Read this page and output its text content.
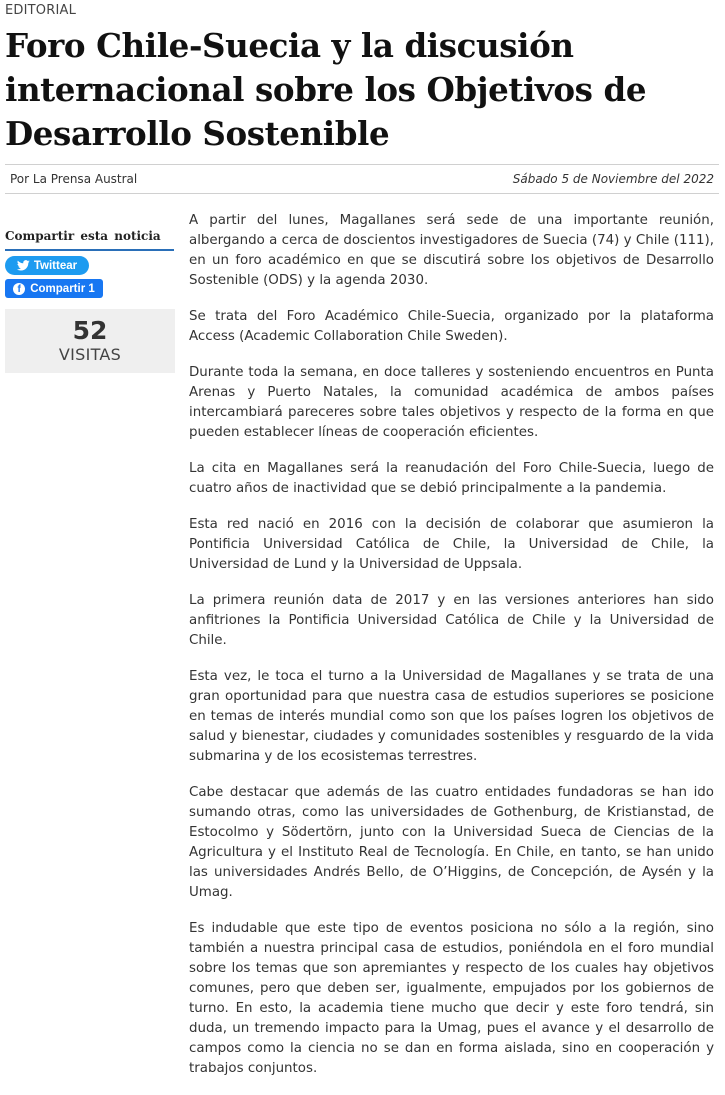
EDITORIAL
Foro Chile-Suecia y la discusión internacional sobre los Objetivos de Desarrollo Sostenible
Por La Prensa Austral	Sábado 5 de Noviembre del 2022
Compartir esta noticia
Twittear
f Compartir 1
52
VISITAS

A partir del lunes, Magallanes será sede de una importante reunión, albergando a cerca de doscientos investigadores de Suecia (74) y Chile (111), en un foro académico en que se discutirá sobre los objetivos de Desarrollo Sostenible (ODS) y la agenda 2030.

Se trata del Foro Académico Chile-Suecia, organizado por la plataforma Access (Academic Collaboration Chile Sweden).

Durante toda la semana, en doce talleres y sosteniendo encuentros en Punta Arenas y Puerto Natales, la comunidad académica de ambos países intercambiará pareceres sobre tales objetivos y respecto de la forma en que pueden establecer líneas de cooperación eficientes.

La cita en Magallanes será la reanudación del Foro Chile-Suecia, luego de cuatro años de inactividad que se debió principalmente a la pandemia.

Esta red nació en 2016 con la decisión de colaborar que asumieron la Pontificia Universidad Católica de Chile, la Universidad de Chile, la Universidad de Lund y la Universidad de Uppsala.

La primera reunión data de 2017 y en las versiones anteriores han sido anfitriones la Pontificia Universidad Católica de Chile y la Universidad de Chile.

Esta vez, le toca el turno a la Universidad de Magallanes y se trata de una gran oportunidad para que nuestra casa de estudios superiores se posicione en temas de interés mundial como son que los países logren los objetivos de salud y bienestar, ciudades y comunidades sostenibles y resguardo de la vida submarina y de los ecosistemas terrestres.

Cabe destacar que además de las cuatro entidades fundadoras se han ido sumando otras, como las universidades de Gothenburg, de Kristianstad, de Estocolmo y Södertörn, junto con la Universidad Sueca de Ciencias de la Agricultura y el Instituto Real de Tecnología. En Chile, en tanto, se han unido las universidades Andrés Bello, de O’Higgins, de Concepción, de Aysén y la Umag.

Es indudable que este tipo de eventos posiciona no sólo a la región, sino también a nuestra principal casa de estudios, poniéndola en el foro mundial sobre los temas que son apremiantes y respecto de los cuales hay objetivos comunes, pero que deben ser, igualmente, empujados por los gobiernos de turno. En esto, la academia tiene mucho que decir y este foro tendrá, sin duda, un tremendo impacto para la Umag, pues el avance y el desarrollo de campos como la ciencia no se dan en forma aislada, sino en cooperación y trabajos conjuntos.
